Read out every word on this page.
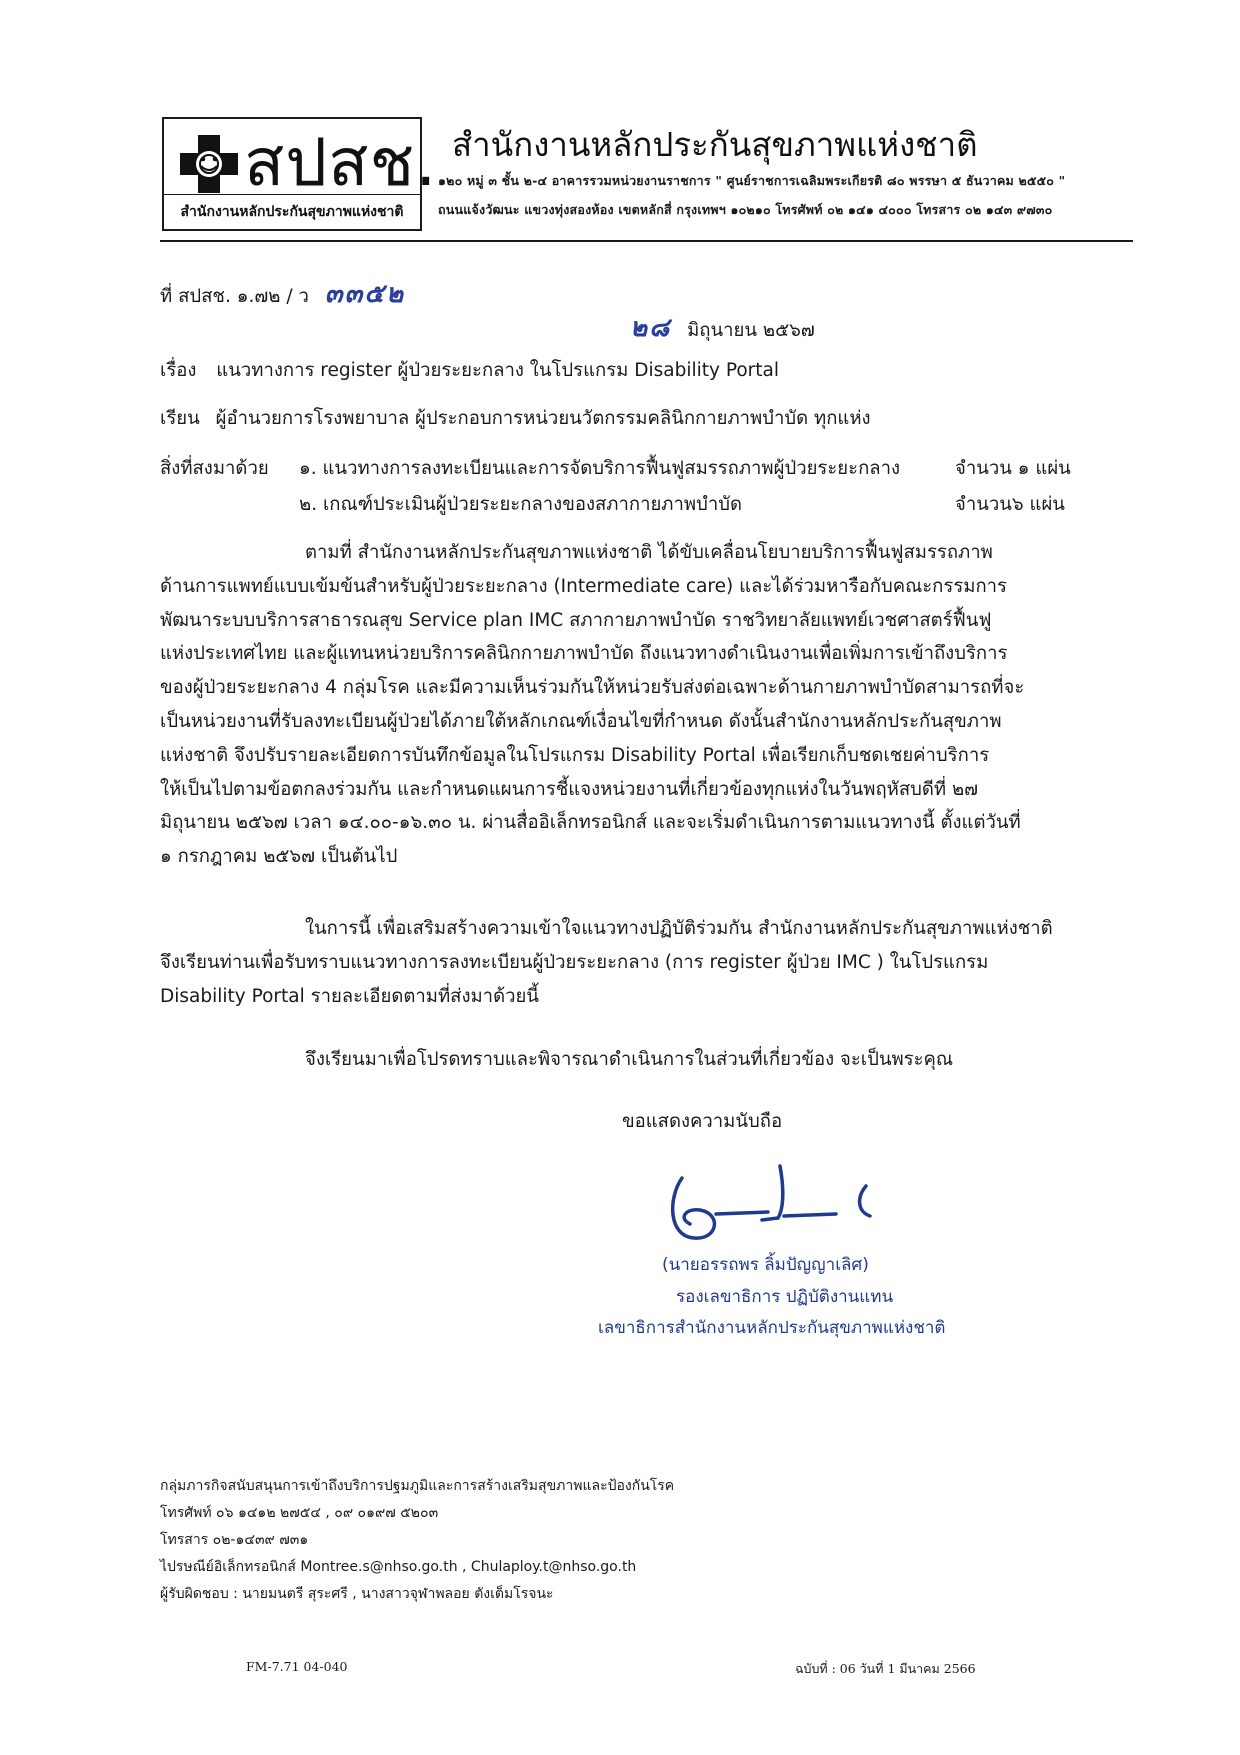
สปสช.
สำนักงานหลักประกันสุขภาพแห่งชาติ
สำนักงานหลักประกันสุขภาพแห่งชาติ
๑๒๐ หมู่ ๓ ชั้น ๒-๔ อาคารรวมหน่วยงานราชการ " ศูนย์ราชการเฉลิมพระเกียรติ ๘๐ พรรษา ๕ ธันวาคม ๒๕๕๐ "
ถนนแจ้งวัฒนะ แขวงทุ่งสองห้อง เขตหลักสี่ กรุงเทพฯ ๑๐๒๑๐ โทรศัพท์ ๐๒ ๑๔๑ ๔๐๐๐ โทรสาร ๐๒ ๑๔๓ ๙๗๓๐
ที่ สปสช. ๑.๗๒ / ว ๓๓๕๒
๒๘ มิถุนายน ๒๕๖๗
เรื่อง แนวทางการ register ผู้ป่วยระยะกลาง ในโปรแกรม Disability Portal
เรียน ผู้อำนวยการโรงพยาบาล ผู้ประกอบการหน่วยนวัตกรรมคลินิกกายภาพบำบัด ทุกแห่ง
สิ่งที่สงมาด้วย ๑. แนวทางการลงทะเบียนและการจัดบริการฟื้นฟูสมรรถภาพผู้ป่วยระยะกลาง	จำนวน ๑ แผ่น
๒. เกณฑ์ประเมินผู้ป่วยระยะกลางของสภากายภาพบำบัด	จำนวน๖ แผ่น
ตามที่ สำนักงานหลักประกันสุขภาพแห่งชาติ ได้ขับเคลื่อนโยบายบริการฟื้นฟูสมรรถภาพ
ด้านการแพทย์แบบเข้มข้นสำหรับผู้ป่วยระยะกลาง (Intermediate care) และได้ร่วมหารือกับคณะกรรมการ
พัฒนาระบบบริการสาธารณสุข Service plan IMC สภากายภาพบำบัด ราชวิทยาลัยแพทย์เวชศาสตร์ฟื้นฟู
แห่งประเทศไทย และผู้แทนหน่วยบริการคลินิกกายภาพบำบัด ถึงแนวทางดำเนินงานเพื่อเพิ่มการเข้าถึงบริการ
ของผู้ป่วยระยะกลาง 4 กลุ่มโรค และมีความเห็นร่วมกันให้หน่วยรับส่งต่อเฉพาะด้านกายภาพบำบัดสามารถที่จะ
เป็นหน่วยงานที่รับลงทะเบียนผู้ป่วยได้ภายใต้หลักเกณฑ์เงื่อนไขที่กำหนด ดังนั้นสำนักงานหลักประกันสุขภาพ
แห่งชาติ จึงปรับรายละเอียดการบันทึกข้อมูลในโปรแกรม Disability Portal เพื่อเรียกเก็บชดเชยค่าบริการ
ให้เป็นไปตามข้อตกลงร่วมกัน และกำหนดแผนการชี้แจงหน่วยงานที่เกี่ยวข้องทุกแห่งในวันพฤหัสบดีที่ ๒๗
มิถุนายน ๒๕๖๗ เวลา ๑๔.๐๐-๑๖.๓๐ น. ผ่านสื่ออิเล็กทรอนิกส์ และจะเริ่มดำเนินการตามแนวทางนี้ ตั้งแต่วันที่
๑ กรกฎาคม ๒๕๖๗ เป็นต้นไป
ในการนี้ เพื่อเสริมสร้างความเข้าใจแนวทางปฏิบัติร่วมกัน สำนักงานหลักประกันสุขภาพแห่งชาติ
จึงเรียนท่านเพื่อรับทราบแนวทางการลงทะเบียนผู้ป่วยระยะกลาง (การ register ผู้ป่วย IMC ) ในโปรแกรม
Disability Portal รายละเอียดตามที่ส่งมาด้วยนี้
จึงเรียนมาเพื่อโปรดทราบและพิจารณาดำเนินการในส่วนที่เกี่ยวข้อง จะเป็นพระคุณ
ขอแสดงความนับถือ
(นายอรรถพร ลิ้มปัญญาเลิศ)
รองเลขาธิการ ปฏิบัติงานแทน
เลขาธิการสำนักงานหลักประกันสุขภาพแห่งชาติ
กลุ่มภารกิจสนับสนุนการเข้าถึงบริการปฐมภูมิและการสร้างเสริมสุขภาพและป้องกันโรค
โทรศัพท์ ๐๖ ๑๔๑๒ ๒๗๕๔ , ๐๙ ๐๑๙๗ ๕๒๐๓
โทรสาร ๐๒-๑๔๓๙ ๗๓๑
ไปรษณีย์อิเล็กทรอนิกส์ Montree.s@nhso.go.th , Chulaploy.t@nhso.go.th
ผู้รับผิดชอบ : นายมนตรี สุระศรี , นางสาวจุฬาพลอย ตังเต็มโรจนะ
FM-7.71 04-040	ฉบับที่ : 06 วันที่ 1 มีนาคม 2566
